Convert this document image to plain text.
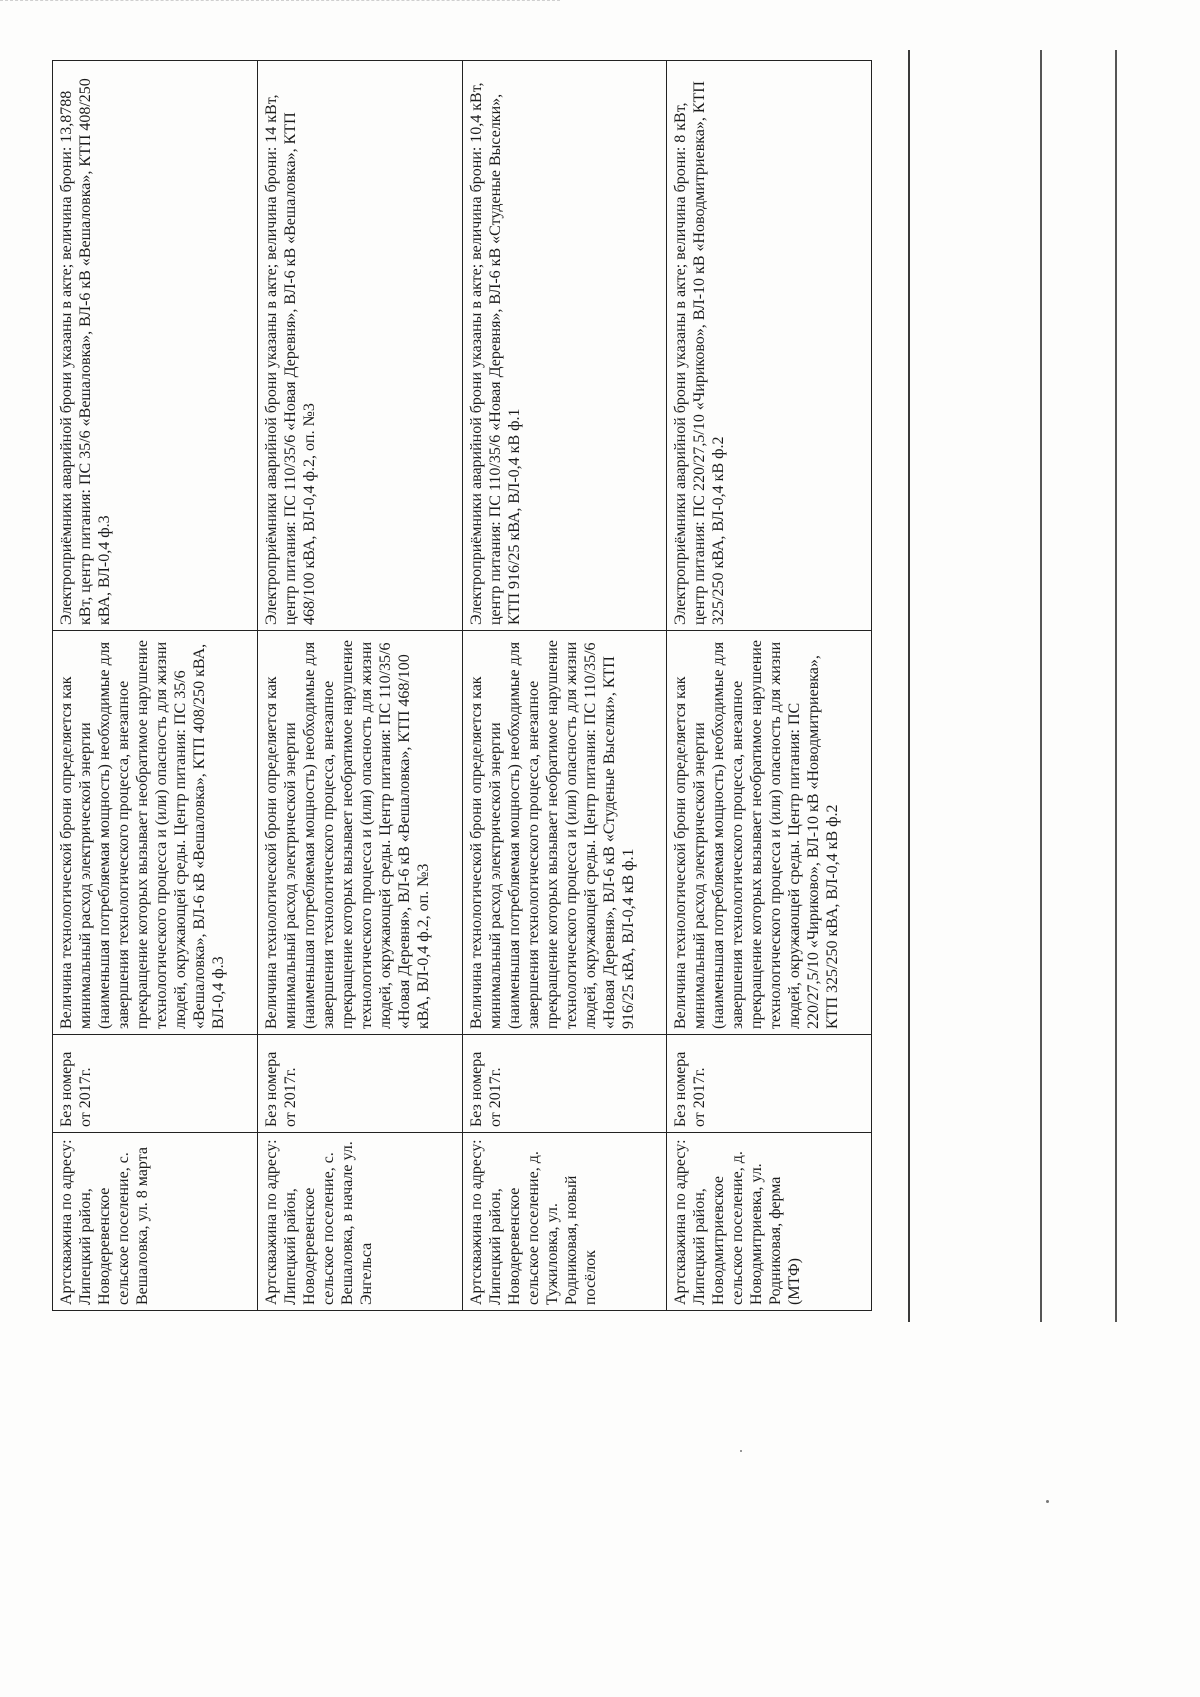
Артскважина по адресу: Липецкий район, Новодеревенское сельское поселение, с. Вешаловка, ул. 8 марта	Без номера от 2017г.	Величина технологической брони определяется как минимальный расход электрической энергии (наименьшая потребляемая мощность) необходимые для завершения технологического процесса, внезапное прекращение которых вызывает необратимое нарушение технологического процесса и (или) опасность для жизни людей, окружающей среды. Центр питания: ПС 35/6 «Вешаловка», ВЛ-6 кВ «Вешаловка», КТП 408/250 кВА, ВЛ-0,4 ф.3	Электроприёмники аварийной брони указаны в акте; величина брони: 13,8788 кВт, центр питания: ПС 35/6 «Вешаловка», ВЛ-6 кВ «Вешаловка», КТП 408/250 кВА, ВЛ-0,4 ф.3
Артскважина по адресу: Липецкий район, Новодеревенское сельское поселение, с. Вешаловка, в начале ул. Энгельса	Без номера от 2017г.	Величина технологической брони определяется как минимальный расход электрической энергии (наименьшая потребляемая мощность) необходимые для завершения технологического процесса, внезапное прекращение которых вызывает необратимое нарушение технологического процесса и (или) опасность для жизни людей, окружающей среды. Центр питания: ПС 110/35/6 «Новая Деревня», ВЛ-6 кВ «Вешаловка», КТП 468/100 кВА, ВЛ-0,4 ф.2, оп. №3	Электроприёмники аварийной брони указаны в акте; величина брони: 14 кВт, центр питания: ПС 110/35/6 «Новая Деревня», ВЛ-6 кВ «Вешаловка», КТП 468/100 кВА, ВЛ-0,4 ф.2, оп. №3
Артскважина по адресу: Липецкий район, Новодеревенское сельское поселение, д. Тужиловка, ул. Родниковая, новый посёлок	Без номера от 2017г.	Величина технологической брони определяется как минимальный расход электрической энергии (наименьшая потребляемая мощность) необходимые для завершения технологического процесса, внезапное прекращение которых вызывает необратимое нарушение технологического процесса и (или) опасность для жизни людей, окружающей среды. Центр питания: ПС 110/35/6 «Новая Деревня», ВЛ-6 кВ «Студеные Выселки», КТП 916/25 кВА, ВЛ-0,4 кВ ф.1	Электроприёмники аварийной брони указаны в акте; величина брони: 10,4 кВт, центр питания: ПС 110/35/6 «Новая Деревня», ВЛ-6 кВ «Студеные Выселки», КТП 916/25 кВА, ВЛ-0,4 кВ ф.1
Артскважина по адресу: Липецкий район, Новодмитриевское сельское поселение, д. Новодмитриевка, ул. Родниковая, ферма (МТФ)	Без номера от 2017г.	Величина технологической брони определяется как минимальный расход электрической энергии (наименьшая потребляемая мощность) необходимые для завершения технологического процесса, внезапное прекращение которых вызывает необратимое нарушение технологического процесса и (или) опасность для жизни людей, окружающей среды. Центр питания: ПС 220/27,5/10 «Чириково», ВЛ-10 кВ «Новодмитриевка», КТП 325/250 кВА, ВЛ-0,4 кВ ф.2	Электроприёмники аварийной брони указаны в акте; величина брони: 8 кВт, центр питания: ПС 220/27,5/10 «Чириково», ВЛ-10 кВ «Новодмитриевка», КТП 325/250 кВА, ВЛ-0,4 кВ ф.2
